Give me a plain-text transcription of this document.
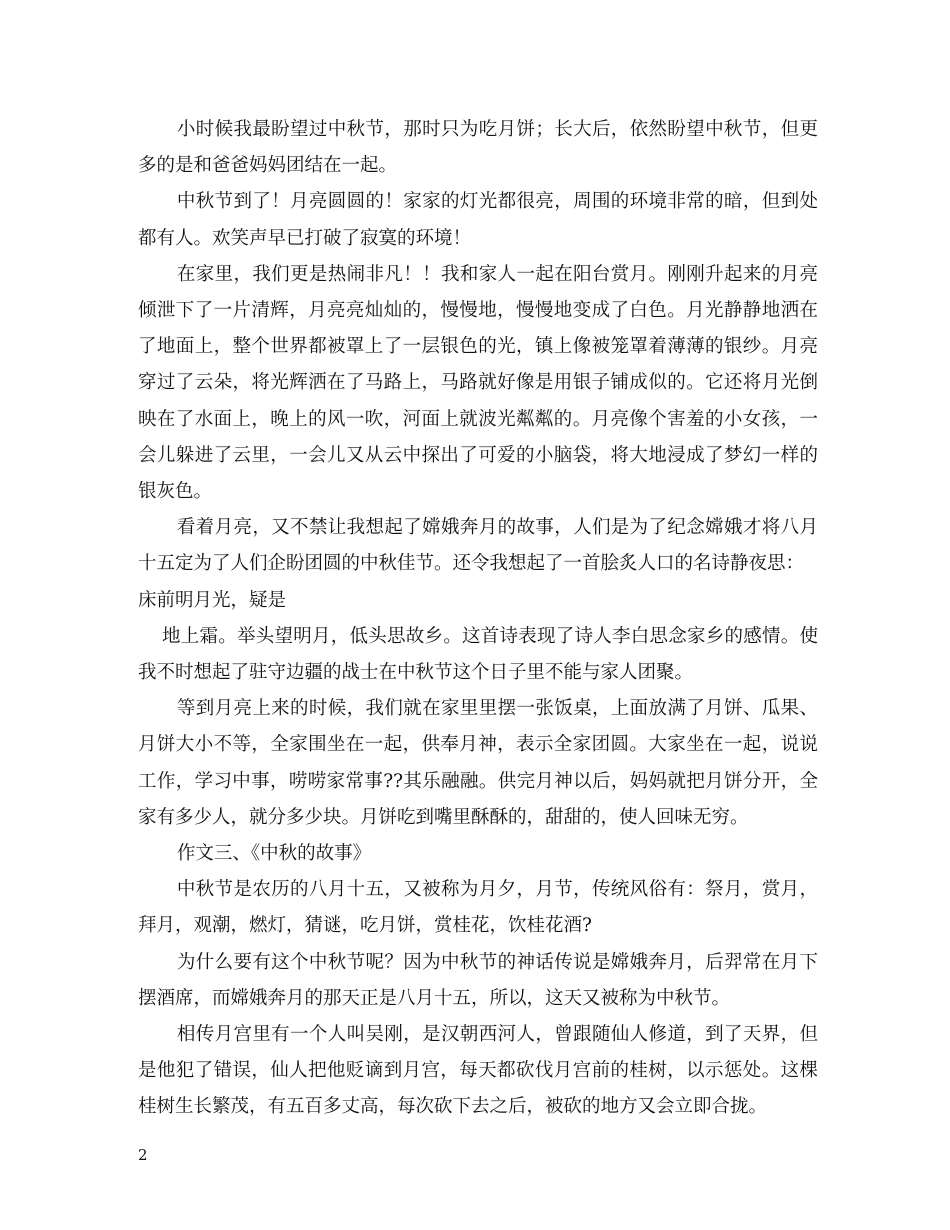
小时候我最盼望过中秋节，那时只为吃月饼；长大后，依然盼望中秋节，但更多的是和爸爸妈妈团结在一起。

中秋节到了！月亮圆圆的！家家的灯光都很亮，周围的环境非常的暗，但到处都有人。欢笑声早已打破了寂寞的环境！

在家里，我们更是热闹非凡！！我和家人一起在阳台赏月。刚刚升起来的月亮倾泄下了一片清辉，月亮亮灿灿的，慢慢地，慢慢地变成了白色。月光静静地洒在了地面上，整个世界都被罩上了一层银色的光，镇上像被笼罩着薄薄的银纱。月亮穿过了云朵，将光辉洒在了马路上，马路就好像是用银子铺成似的。它还将月光倒映在了水面上，晚上的风一吹，河面上就波光粼粼的。月亮像个害羞的小女孩，一会儿躲进了云里，一会儿又从云中探出了可爱的小脑袋，将大地浸成了梦幻一样的银灰色。

看着月亮，又不禁让我想起了嫦娥奔月的故事，人们是为了纪念嫦娥才将八月十五定为了人们企盼团圆的中秋佳节。还令我想起了一首脍炙人口的名诗静夜思：

床前明月光，疑是

地上霜。举头望明月，低头思故乡。这首诗表现了诗人李白思念家乡的感情。使我不时想起了驻守边疆的战士在中秋节这个日子里不能与家人团聚。

等到月亮上来的时候，我们就在家里里摆一张饭桌，上面放满了月饼、瓜果、月饼大小不等，全家围坐在一起，供奉月神，表示全家团圆。大家坐在一起，说说工作，学习中事，唠唠家常事??其乐融融。供完月神以后，妈妈就把月饼分开，全家有多少人，就分多少块。月饼吃到嘴里酥酥的，甜甜的，使人回味无穷。

作文三、《中秋的故事》

中秋节是农历的八月十五，又被称为月夕，月节，传统风俗有：祭月，赏月，拜月，观潮，燃灯，猜谜，吃月饼，赏桂花，饮桂花酒?

为什么要有这个中秋节呢？因为中秋节的神话传说是嫦娥奔月，后羿常在月下摆酒席，而嫦娥奔月的那天正是八月十五，所以，这天又被称为中秋节。

相传月宫里有一个人叫吴刚，是汉朝西河人，曾跟随仙人修道，到了天界，但是他犯了错误，仙人把他贬谪到月宫，每天都砍伐月宫前的桂树，以示惩处。这棵桂树生长繁茂，有五百多丈高，每次砍下去之后，被砍的地方又会立即合拢。

2
